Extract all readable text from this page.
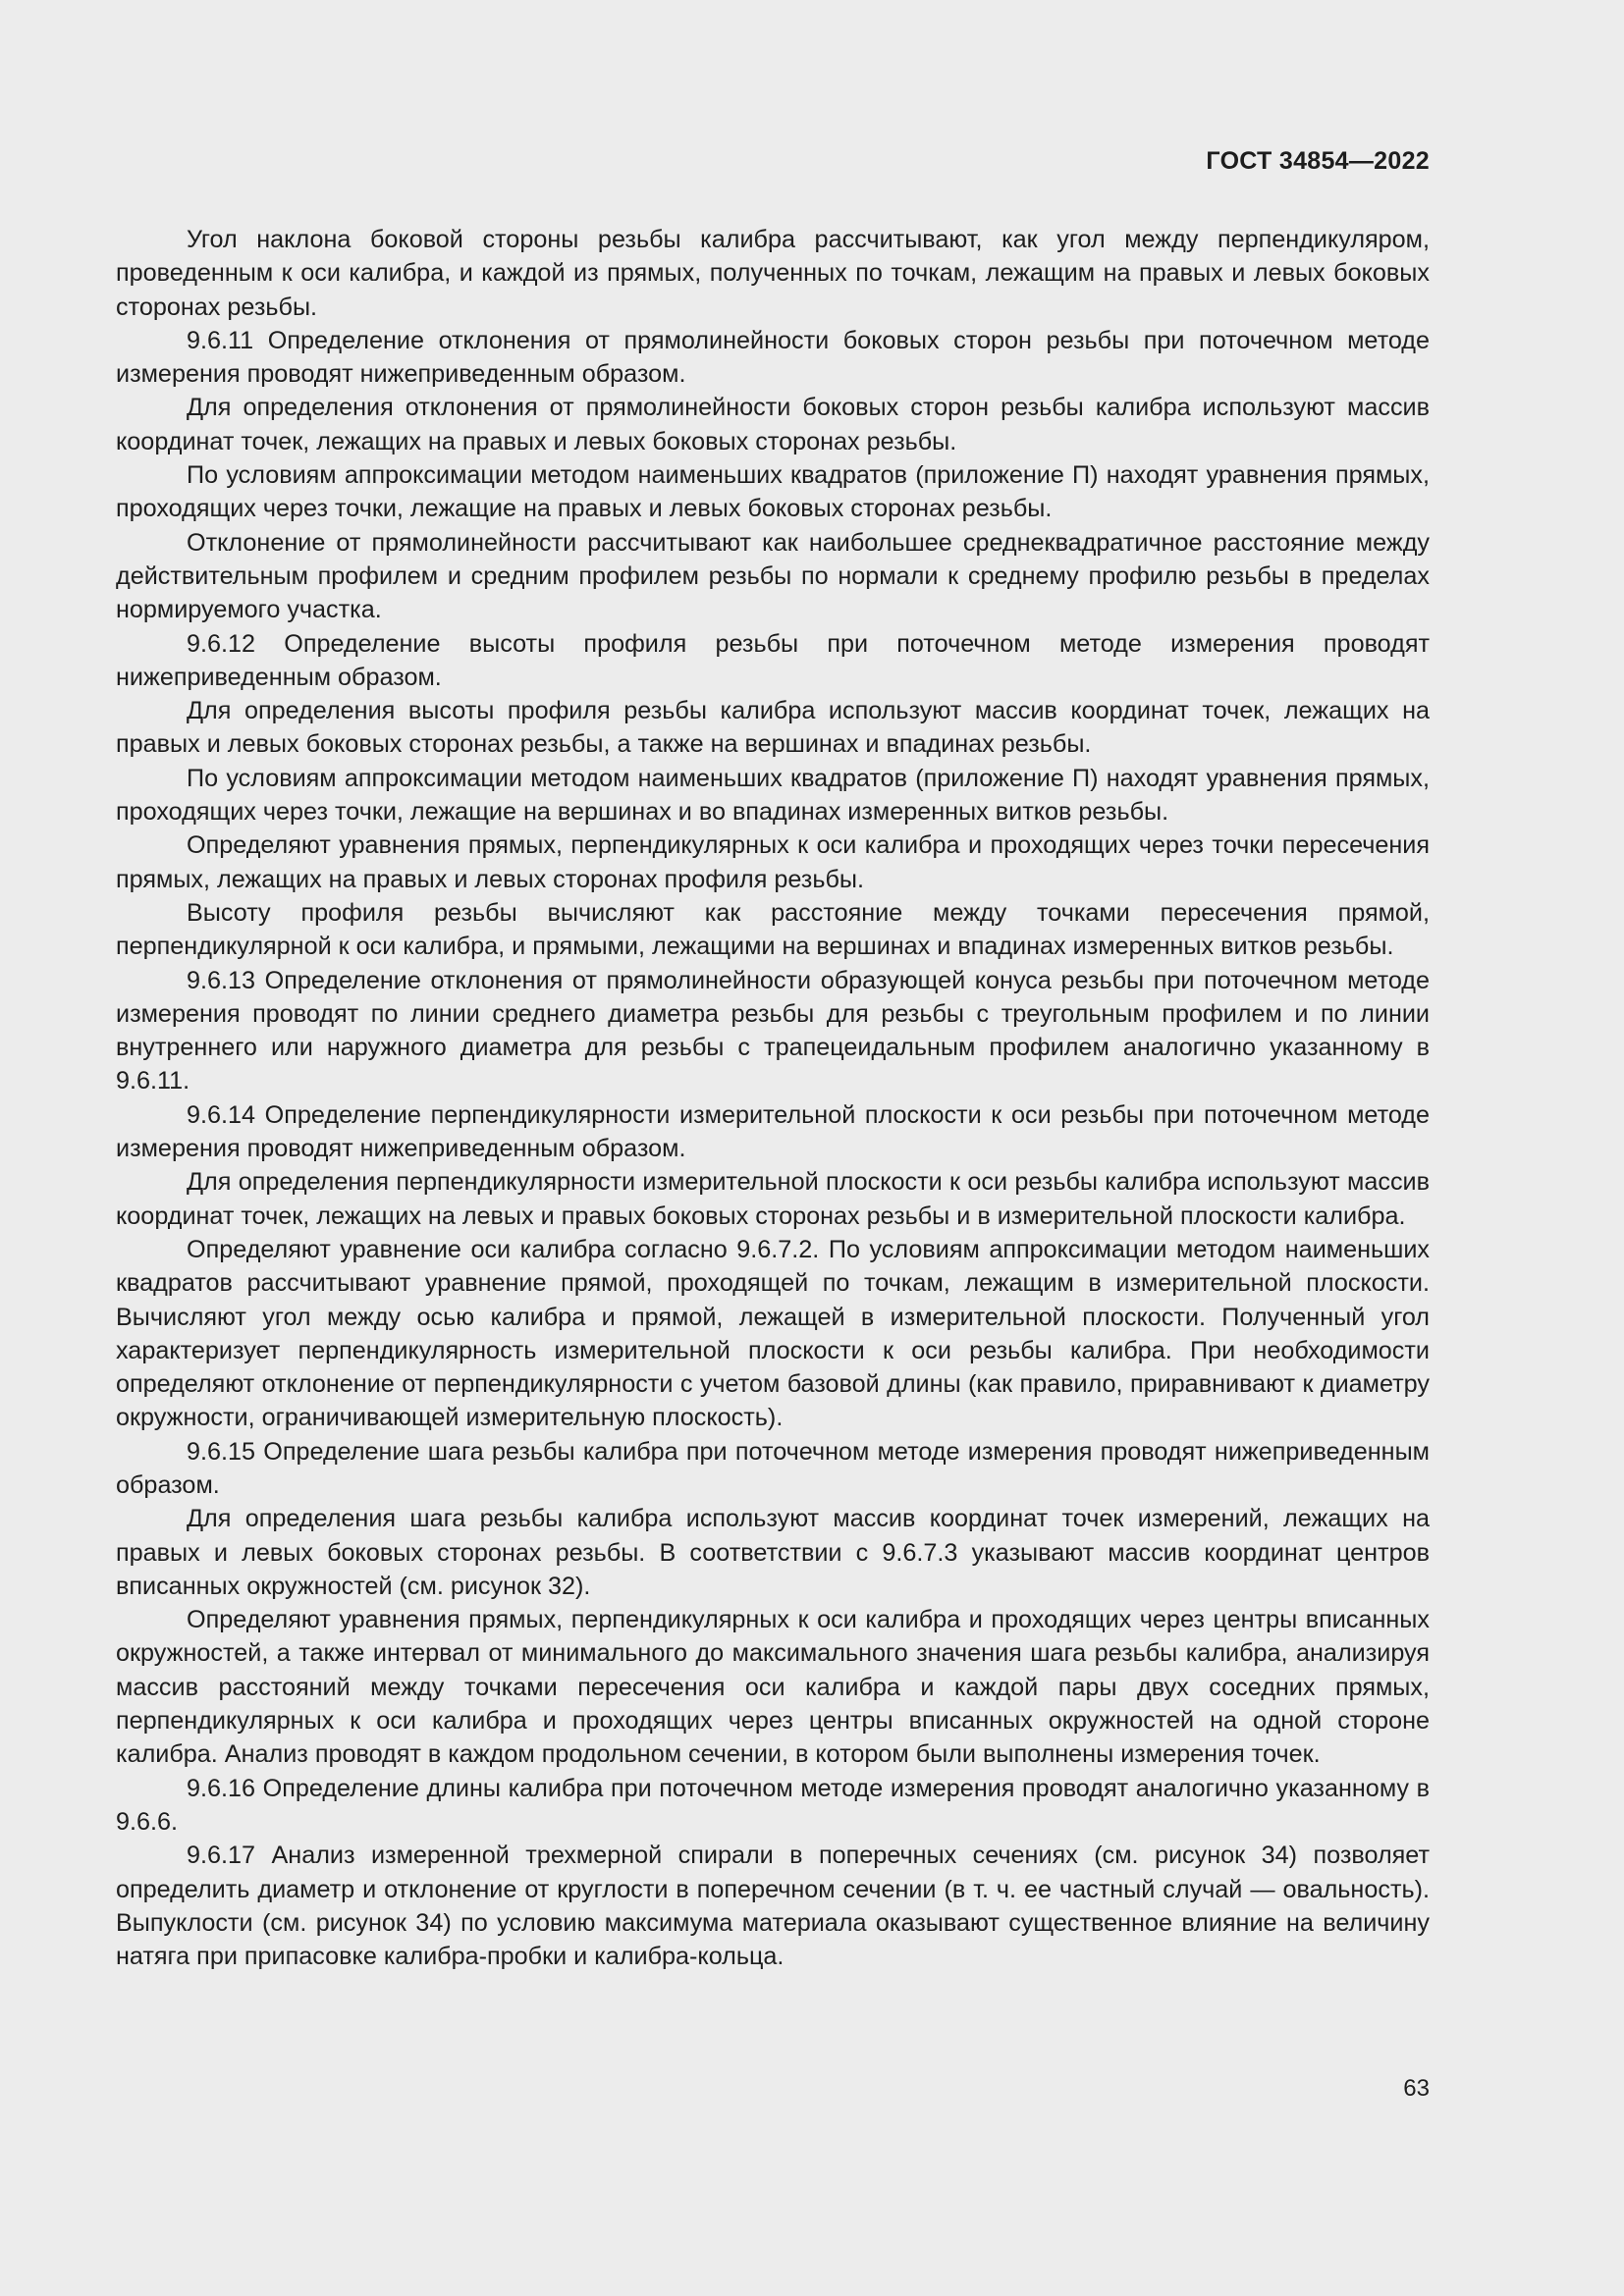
ГОСТ 34854—2022

Угол наклона боковой стороны резьбы калибра рассчитывают, как угол между перпендикуляром, проведенным к оси калибра, и каждой из прямых, полученных по точкам, лежащим на правых и левых боковых сторонах резьбы.

9.6.11 Определение отклонения от прямолинейности боковых сторон резьбы при поточечном методе измерения проводят нижеприведенным образом.

Для определения отклонения от прямолинейности боковых сторон резьбы калибра используют массив координат точек, лежащих на правых и левых боковых сторонах резьбы.

По условиям аппроксимации методом наименьших квадратов (приложение П) находят уравнения прямых, проходящих через точки, лежащие на правых и левых боковых сторонах резьбы.

Отклонение от прямолинейности рассчитывают как наибольшее среднеквадратичное расстояние между действительным профилем и средним профилем резьбы по нормали к среднему профилю резьбы в пределах нормируемого участка.

9.6.12 Определение высоты профиля резьбы при поточечном методе измерения проводят нижеприведенным образом.

Для определения высоты профиля резьбы калибра используют массив координат точек, лежащих на правых и левых боковых сторонах резьбы, а также на вершинах и впадинах резьбы.

По условиям аппроксимации методом наименьших квадратов (приложение П) находят уравнения прямых, проходящих через точки, лежащие на вершинах и во впадинах измеренных витков резьбы.

Определяют уравнения прямых, перпендикулярных к оси калибра и проходящих через точки пересечения прямых, лежащих на правых и левых сторонах профиля резьбы.

Высоту профиля резьбы вычисляют как расстояние между точками пересечения прямой, перпендикулярной к оси калибра, и прямыми, лежащими на вершинах и впадинах измеренных витков резьбы.

9.6.13 Определение отклонения от прямолинейности образующей конуса резьбы при поточечном методе измерения проводят по линии среднего диаметра резьбы для резьбы с треугольным профилем и по линии внутреннего или наружного диаметра для резьбы с трапецеидальным профилем аналогично указанному в 9.6.11.

9.6.14 Определение перпендикулярности измерительной плоскости к оси резьбы при поточечном методе измерения проводят нижеприведенным образом.

Для определения перпендикулярности измерительной плоскости к оси резьбы калибра используют массив координат точек, лежащих на левых и правых боковых сторонах резьбы и в измерительной плоскости калибра.

Определяют уравнение оси калибра согласно 9.6.7.2. По условиям аппроксимации методом наименьших квадратов рассчитывают уравнение прямой, проходящей по точкам, лежащим в измерительной плоскости. Вычисляют угол между осью калибра и прямой, лежащей в измерительной плоскости. Полученный угол характеризует перпендикулярность измерительной плоскости к оси резьбы калибра. При необходимости определяют отклонение от перпендикулярности с учетом базовой длины (как правило, приравнивают к диаметру окружности, ограничивающей измерительную плоскость).

9.6.15 Определение шага резьбы калибра при поточечном методе измерения проводят нижеприведенным образом.

Для определения шага резьбы калибра используют массив координат точек измерений, лежащих на правых и левых боковых сторонах резьбы. В соответствии с 9.6.7.3 указывают массив координат центров вписанных окружностей (см. рисунок 32).

Определяют уравнения прямых, перпендикулярных к оси калибра и проходящих через центры вписанных окружностей, а также интервал от минимального до максимального значения шага резьбы калибра, анализируя массив расстояний между точками пересечения оси калибра и каждой пары двух соседних прямых, перпендикулярных к оси калибра и проходящих через центры вписанных окружностей на одной стороне калибра. Анализ проводят в каждом продольном сечении, в котором были выполнены измерения точек.

9.6.16 Определение длины калибра при поточечном методе измерения проводят аналогично указанному в 9.6.6.

9.6.17 Анализ измеренной трехмерной спирали в поперечных сечениях (см. рисунок 34) позволяет определить диаметр и отклонение от круглости в поперечном сечении (в т. ч. ее частный случай — овальность). Выпуклости (см. рисунок 34) по условию максимума материала оказывают существенное влияние на величину натяга при припасовке калибра-пробки и калибра-кольца.

63
